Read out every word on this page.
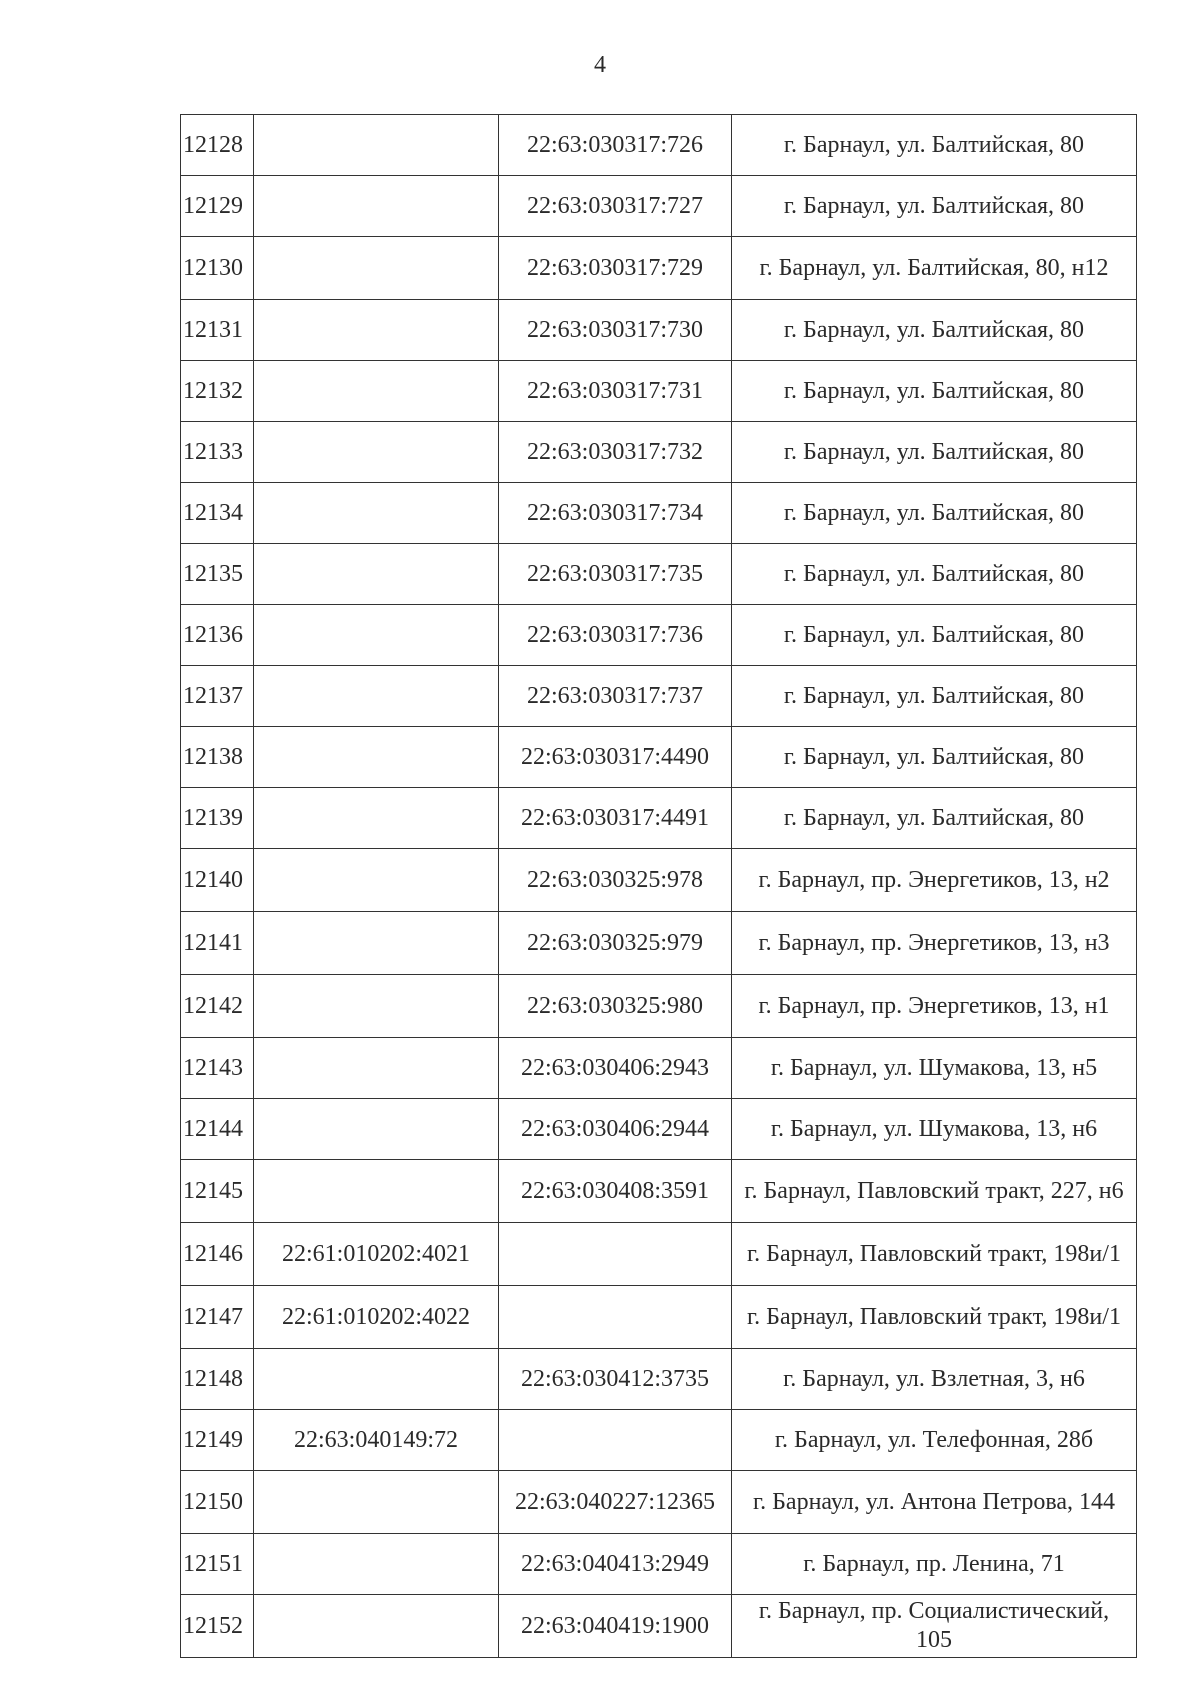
4
12128		22:63:030317:726	г. Барнаул, ул. Балтийская, 80
12129		22:63:030317:727	г. Барнаул, ул. Балтийская, 80
12130		22:63:030317:729	г. Барнаул, ул. Балтийская, 80, н12
12131		22:63:030317:730	г. Барнаул, ул. Балтийская, 80
12132		22:63:030317:731	г. Барнаул, ул. Балтийская, 80
12133		22:63:030317:732	г. Барнаул, ул. Балтийская, 80
12134		22:63:030317:734	г. Барнаул, ул. Балтийская, 80
12135		22:63:030317:735	г. Барнаул, ул. Балтийская, 80
12136		22:63:030317:736	г. Барнаул, ул. Балтийская, 80
12137		22:63:030317:737	г. Барнаул, ул. Балтийская, 80
12138		22:63:030317:4490	г. Барнаул, ул. Балтийская, 80
12139		22:63:030317:4491	г. Барнаул, ул. Балтийская, 80
12140		22:63:030325:978	г. Барнаул, пр. Энергетиков, 13, н2
12141		22:63:030325:979	г. Барнаул, пр. Энергетиков, 13, н3
12142		22:63:030325:980	г. Барнаул, пр. Энергетиков, 13, н1
12143		22:63:030406:2943	г. Барнаул, ул. Шумакова, 13, н5
12144		22:63:030406:2944	г. Барнаул, ул. Шумакова, 13, н6
12145		22:63:030408:3591	г. Барнаул, Павловский тракт, 227, н6
12146	22:61:010202:4021		г. Барнаул, Павловский тракт, 198и/1
12147	22:61:010202:4022		г. Барнаул, Павловский тракт, 198и/1
12148		22:63:030412:3735	г. Барнаул, ул. Взлетная, 3, н6
12149	22:63:040149:72		г. Барнаул, ул. Телефонная, 28б
12150		22:63:040227:12365	г. Барнаул, ул. Антона Петрова, 144
12151		22:63:040413:2949	г. Барнаул, пр. Ленина, 71
12152		22:63:040419:1900	г. Барнаул, пр. Социалистический, 105
